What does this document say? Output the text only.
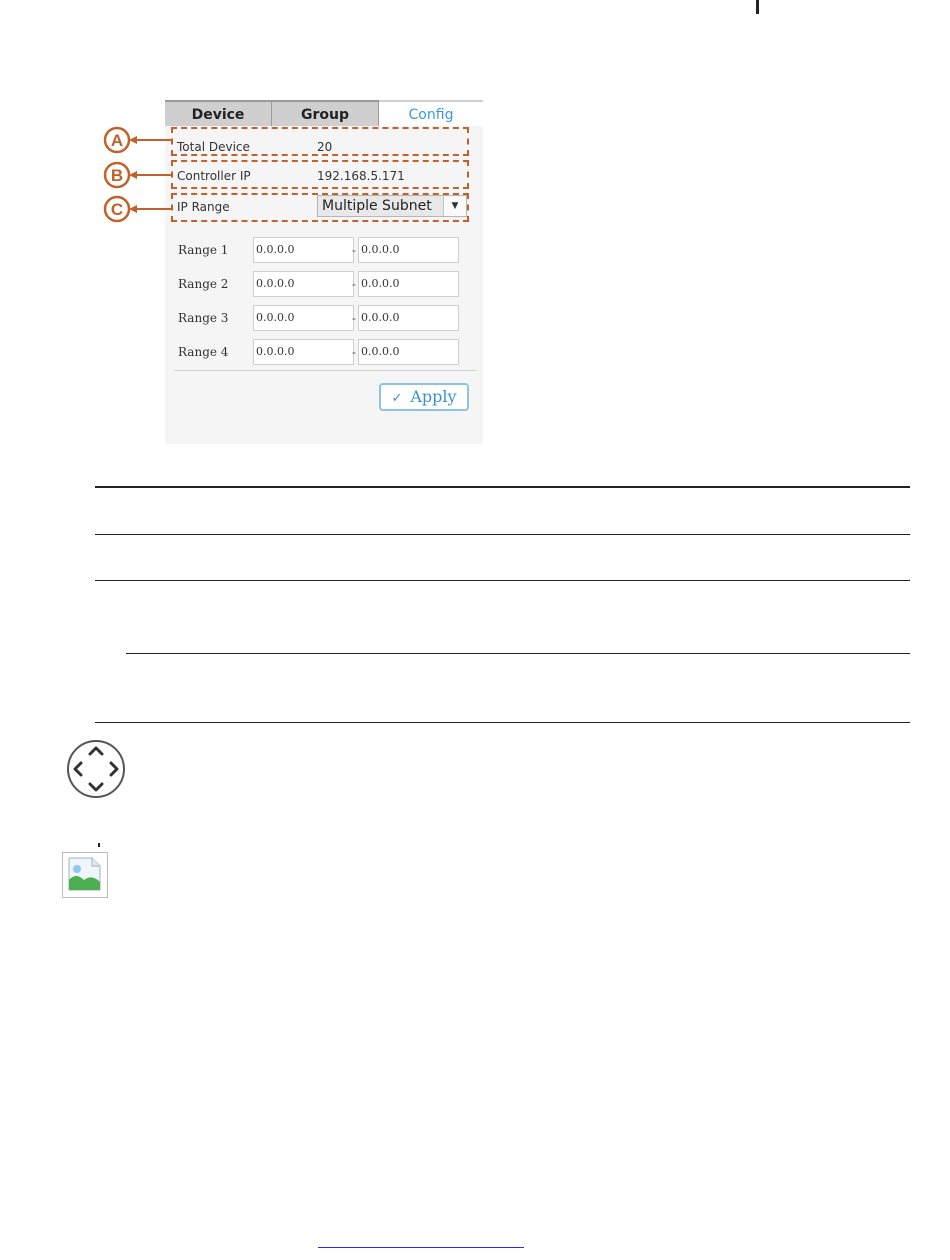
Device	Group	Config
Total Device	20
Controller IP	192.168.5.171
IP Range	Multiple Subnet	▼
Range 1	0.0.0.0	- 0.0.0.0
Range 2	0.0.0.0	- 0.0.0.0
Range 3	0.0.0.0	- 0.0.0.0
Range 4	0.0.0.0	- 0.0.0.0
✓ Apply
A
B
C
